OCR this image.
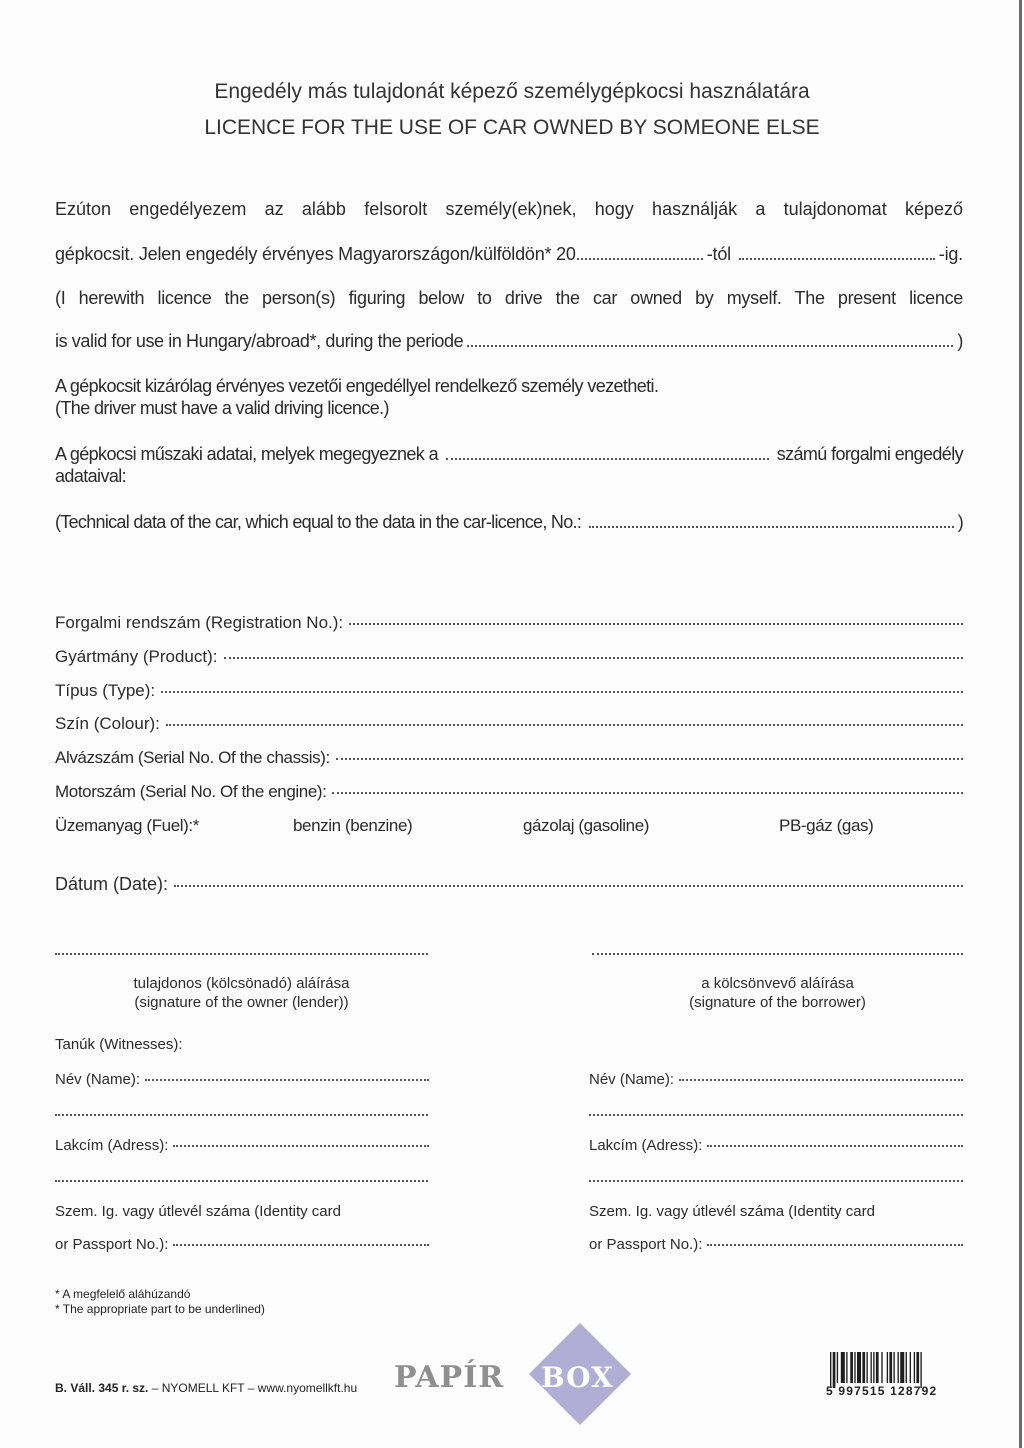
Engedély más tulajdonát képező személygépkocsi használatára
LICENCE FOR THE USE OF CAR OWNED BY SOMEONE ELSE
Ezúton engedélyezem az alább felsorolt személy(ek)nek, hogy használják a tulajdonomat képező
gépkocsit. Jelen engedély érvényes Magyarországon/külföldön* 20	-tól	-ig.
(I herewith licence the person(s) figuring below to drive the car owned by myself. The present licence
is valid for use in Hungary/abroad*, during the periode	)
A gépkocsit kizárólag érvényes vezetői engedéllyel rendelkező személy vezetheti.
(The driver must have a valid driving licence.)
A gépkocsi műszaki adatai, melyek megegyeznek a	számú forgalmi engedély
adataival:
(Technical data of the car, which equal to the data in the car-licence, No.:	)
Forgalmi rendszám (Registration No.):
Gyártmány (Product):
Típus (Type):
Szín (Colour):
Alvázszám (Serial No. Of the chassis):
Motorszám (Serial No. Of the engine):
Üzemanyag (Fuel):*	benzin (benzine)	gázolaj (gasoline)	PB-gáz (gas)
Dátum (Date):
tulajdonos (kölcsönadó) aláírása
(signature of the owner (lender))
a kölcsönvevő aláírása
(signature of the borrower)
Tanúk (Witnesses):
Név (Name):
Lakcím (Adress):
Szem. Ig. vagy útlevél száma (Identity card
or Passport No.):
Név (Name):
Lakcím (Adress):
Szem. Ig. vagy útlevél száma (Identity card
or Passport No.):
* A megfelelő aláhúzandó
* The appropriate part to be underlined)
B. Váll. 345 r. sz. – NYOMELL KFT – www.nyomellkft.hu PAPÍR BOX	5 997515 128792
